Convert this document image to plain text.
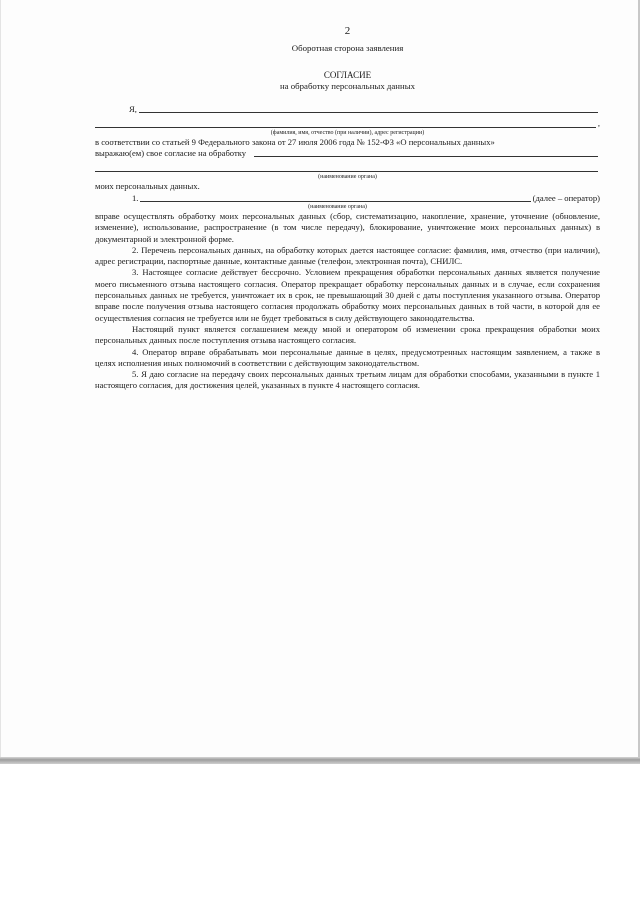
2
Оборотная сторона заявления
СОГЛАСИЕ
на обработку персональных данных
Я,
,
(фамилия, имя, отчество (при наличии), адрес регистрации)

в соответствии со статьей 9 Федерального закона от 27 июля 2006 года № 152-ФЗ «О персональных данных»

выражаю(ем) свое согласие на обработку
(наименование органа)

моих персональных данных.

1.	(далее – оператор)
(наименование органа)

вправе осуществлять обработку моих персональных данных (сбор, систематизацию, накопление, хранение, уточнение (обновление, изменение), использование, распространение (в том числе передачу), блокирование, уничтожение моих персональных данных) в документарной и электронной форме.

2. Перечень персональных данных, на обработку которых дается настоящее согласие: фамилия, имя, отчество (при наличии), адрес регистрации, паспортные данные, контактные данные (телефон, электронная почта), СНИЛС.

3. Настоящее согласие действует бессрочно. Условием прекращения обработки персональных данных является получение моего письменного отзыва настоящего согласия. Оператор прекращает обработку персональных данных и в случае, если сохранения персональных данных не требуется, уничтожает их в срок, не превышающий 30 дней с даты поступления указанного отзыва. Оператор вправе после получения отзыва настоящего согласия продолжать обработку моих персональных данных в той части, в которой для ее осуществления согласия не требуется или не будет требоваться в силу действующего законодательства.

Настоящий пункт является соглашением между мной и оператором об изменении срока прекращения обработки моих персональных данных после поступления отзыва настоящего согласия.

4. Оператор вправе обрабатывать мои персональные данные в целях, предусмотренных настоящим заявлением, а также в целях исполнения иных полномочий в соответствии с действующим законодательством.

5. Я даю согласие на передачу своих персональных данных третьим лицам для обработки способами, указанными в пункте 1 настоящего согласия, для достижения целей, указанных в пункте 4 настоящего согласия.
